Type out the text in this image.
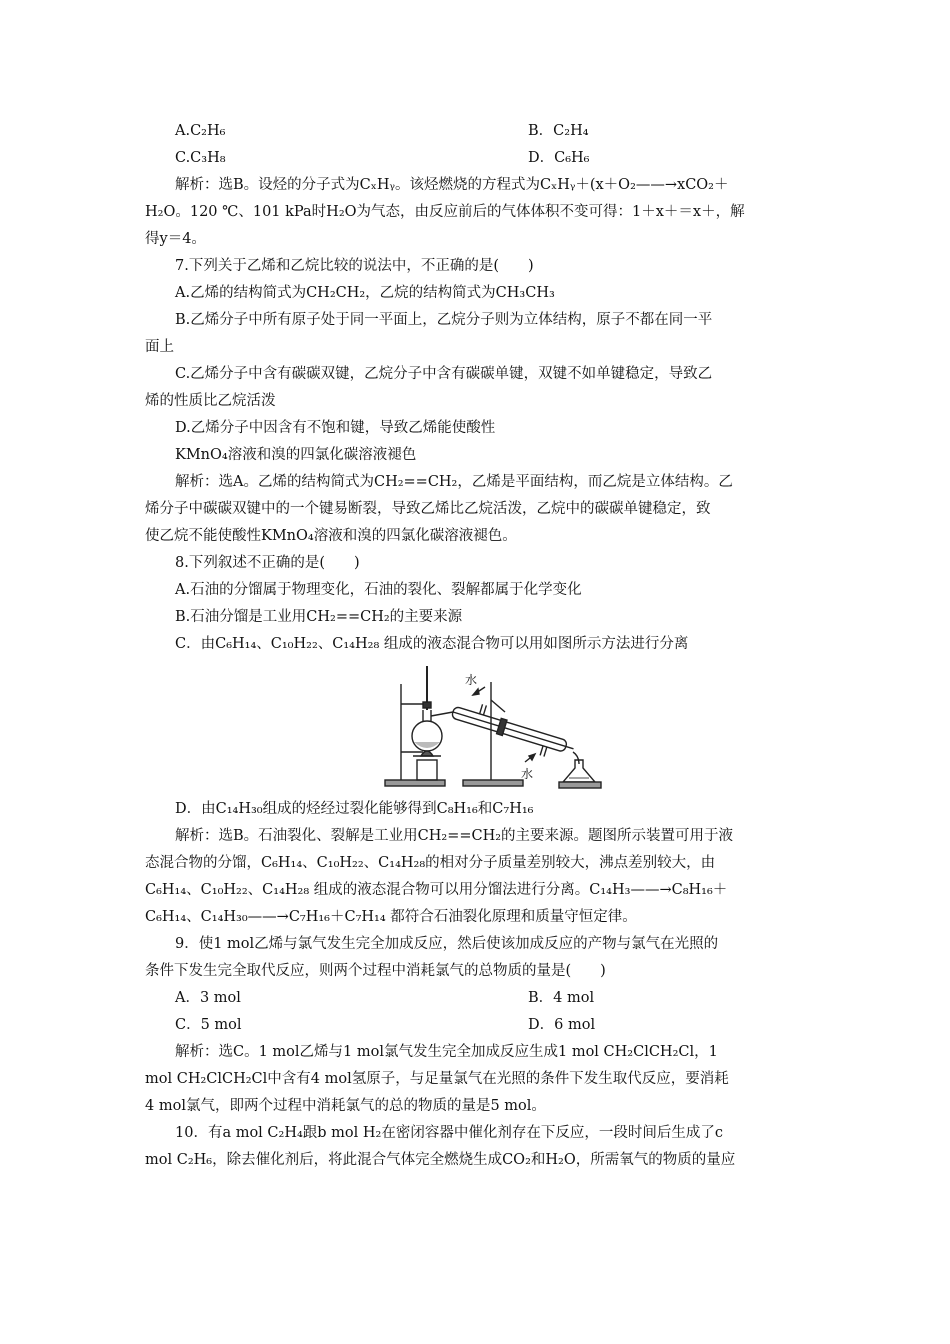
A.C₂H₆	B．C₂H₄
C.C₃H₈	D．C₆H₆
解析：选B。设烃的分子式为CₓHᵧ。该烃燃烧的方程式为CₓHᵧ＋(x＋O₂——→xCO₂＋
H₂O。120 ℃、101 kPa时H₂O为气态，由反应前后的气体体积不变可得：1＋x＋＝x＋，解
得y＝4。
7.下列关于乙烯和乙烷比较的说法中，不正确的是(　　)
A.乙烯的结构简式为CH₂CH₂，乙烷的结构简式为CH₃CH₃
B.乙烯分子中所有原子处于同一平面上，乙烷分子则为立体结构，原子不都在同一平
面上
C.乙烯分子中含有碳碳双键，乙烷分子中含有碳碳单键，双键不如单键稳定，导致乙
烯的性质比乙烷活泼
D.乙烯分子中因含有不饱和键，导致乙烯能使酸性
KMnO₄溶液和溴的四氯化碳溶液褪色
解析：选A。乙烯的结构简式为CH₂==CH₂，乙烯是平面结构，而乙烷是立体结构。乙
烯分子中碳碳双键中的一个键易断裂，导致乙烯比乙烷活泼，乙烷中的碳碳单键稳定，致
使乙烷不能使酸性KMnO₄溶液和溴的四氯化碳溶液褪色。
8.下列叙述不正确的是(　　)
A.石油的分馏属于物理变化，石油的裂化、裂解都属于化学变化
B.石油分馏是工业用CH₂==CH₂的主要来源
C．由C₆H₁₄、C₁₀H₂₂、C₁₄H₂₈ 组成的液态混合物可以用如图所示方法进行分离
水
水
D．由C₁₄H₃₀组成的烃经过裂化能够得到C₈H₁₆和C₇H₁₆
解析：选B。石油裂化、裂解是工业用CH₂==CH₂的主要来源。题图所示装置可用于液
态混合物的分馏，C₆H₁₄、C₁₀H₂₂、C₁₄H₂₈的相对分子质量差别较大，沸点差别较大，由
C₆H₁₄、C₁₀H₂₂、C₁₄H₂₈ 组成的液态混合物可以用分馏法进行分离。C₁₄H₃——→C₈H₁₆＋
C₆H₁₄、C₁₄H₃₀——→C₇H₁₆＋C₇H₁₄ 都符合石油裂化原理和质量守恒定律。
9．使1 mol乙烯与氯气发生完全加成反应，然后使该加成反应的产物与氯气在光照的
条件下发生完全取代反应，则两个过程中消耗氯气的总物质的量是(　　)
A．3 mol	B．4 mol
C．5 mol	D．6 mol
解析：选C。1 mol乙烯与1 mol氯气发生完全加成反应生成1 mol CH₂ClCH₂Cl，1
mol CH₂ClCH₂Cl中含有4 mol氢原子，与足量氯气在光照的条件下发生取代反应，要消耗
4 mol氯气，即两个过程中消耗氯气的总的物质的量是5 mol。
10．有a mol C₂H₄跟b mol H₂在密闭容器中催化剂存在下反应，一段时间后生成了c
mol C₂H₆，除去催化剂后，将此混合气体完全燃烧生成CO₂和H₂O，所需氧气的物质的量应
